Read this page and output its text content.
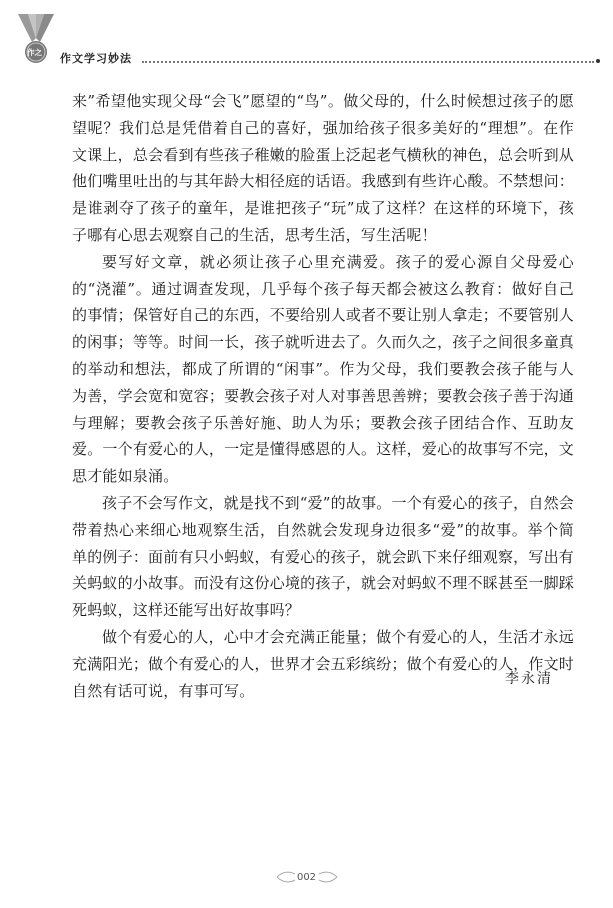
作之 作文学习妙法

来”希望他实现父母“会飞”愿望的“鸟”。做父母的，什么时候想过孩子的愿望呢？我们总是凭借着自己的喜好，强加给孩子很多美好的“理想”。在作文课上，总会看到有些孩子稚嫩的脸蛋上泛起老气横秋的神色，总会听到从他们嘴里吐出的与其年龄大相径庭的话语。我感到有些许心酸。不禁想问：是谁剥夺了孩子的童年，是谁把孩子“玩”成了这样？在这样的环境下，孩子哪有心思去观察自己的生活，思考生活，写生活呢！

要写好文章，就必须让孩子心里充满爱。孩子的爱心源自父母爱心的“浇灌”。通过调查发现，几乎每个孩子每天都会被这么教育：做好自己的事情；保管好自己的东西，不要给别人或者不要让别人拿走；不要管别人的闲事；等等。时间一长，孩子就听进去了。久而久之，孩子之间很多童真的举动和想法，都成了所谓的“闲事”。作为父母，我们要教会孩子能与人为善，学会宽和宽容；要教会孩子对人对事善思善辨；要教会孩子善于沟通与理解；要教会孩子乐善好施、助人为乐；要教会孩子团结合作、互助友爱。一个有爱心的人，一定是懂得感恩的人。这样，爱心的故事写不完，文思才能如泉涌。

孩子不会写作文，就是找不到“爱”的故事。一个有爱心的孩子，自然会带着热心来细心地观察生活，自然就会发现身边很多“爱”的故事。举个简单的例子：面前有只小蚂蚁，有爱心的孩子，就会趴下来仔细观察，写出有关蚂蚁的小故事。而没有这份心境的孩子，就会对蚂蚁不理不睬甚至一脚踩死蚂蚁，这样还能写出好故事吗？

做个有爱心的人，心中才会充满正能量；做个有爱心的人，生活才永远充满阳光；做个有爱心的人，世界才会五彩缤纷；做个有爱心的人，作文时自然有话可说，有事可写。

李永清
002
